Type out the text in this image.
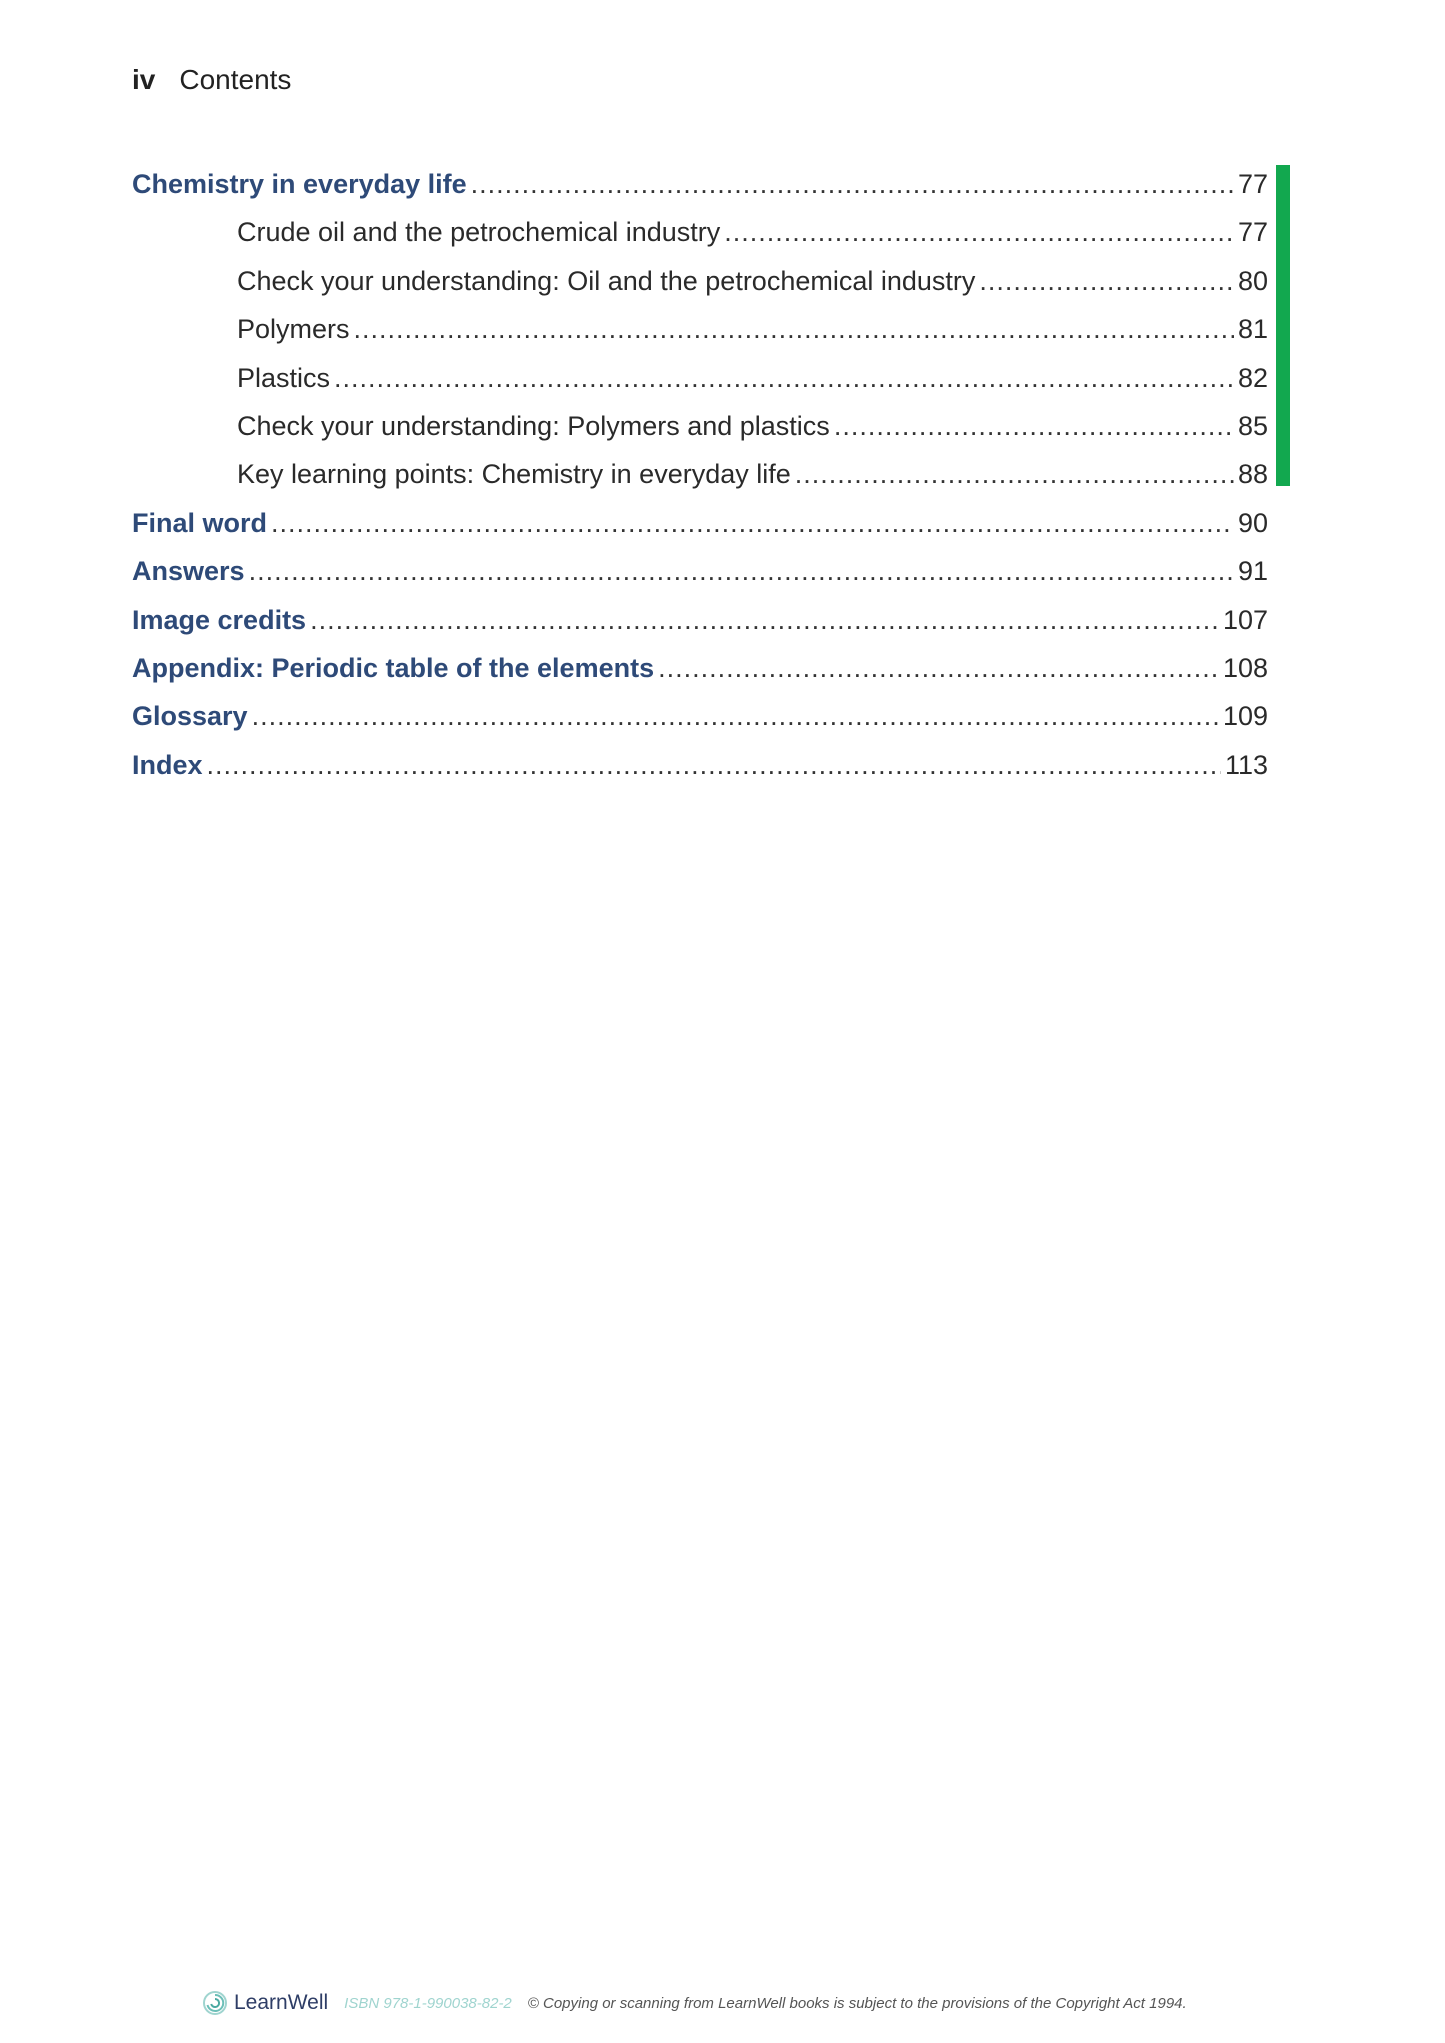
iv Contents
Chemistry in everyday life .....	77
Crude oil and the petrochemical industry .....	77
Check your understanding: Oil and the petrochemical industry .....	80
Polymers .....	81
Plastics .....	82
Check your understanding: Polymers and plastics .....	85
Key learning points: Chemistry in everyday life .....	88
Final word .....	90
Answers .....	91
Image credits .....	107
Appendix: Periodic table of the elements .....	108
Glossary .....	109
Index .....	113
LearnWell ISBN 978-1-990038-82-2 © Copying or scanning from LearnWell books is subject to the provisions of the Copyright Act 1994.
